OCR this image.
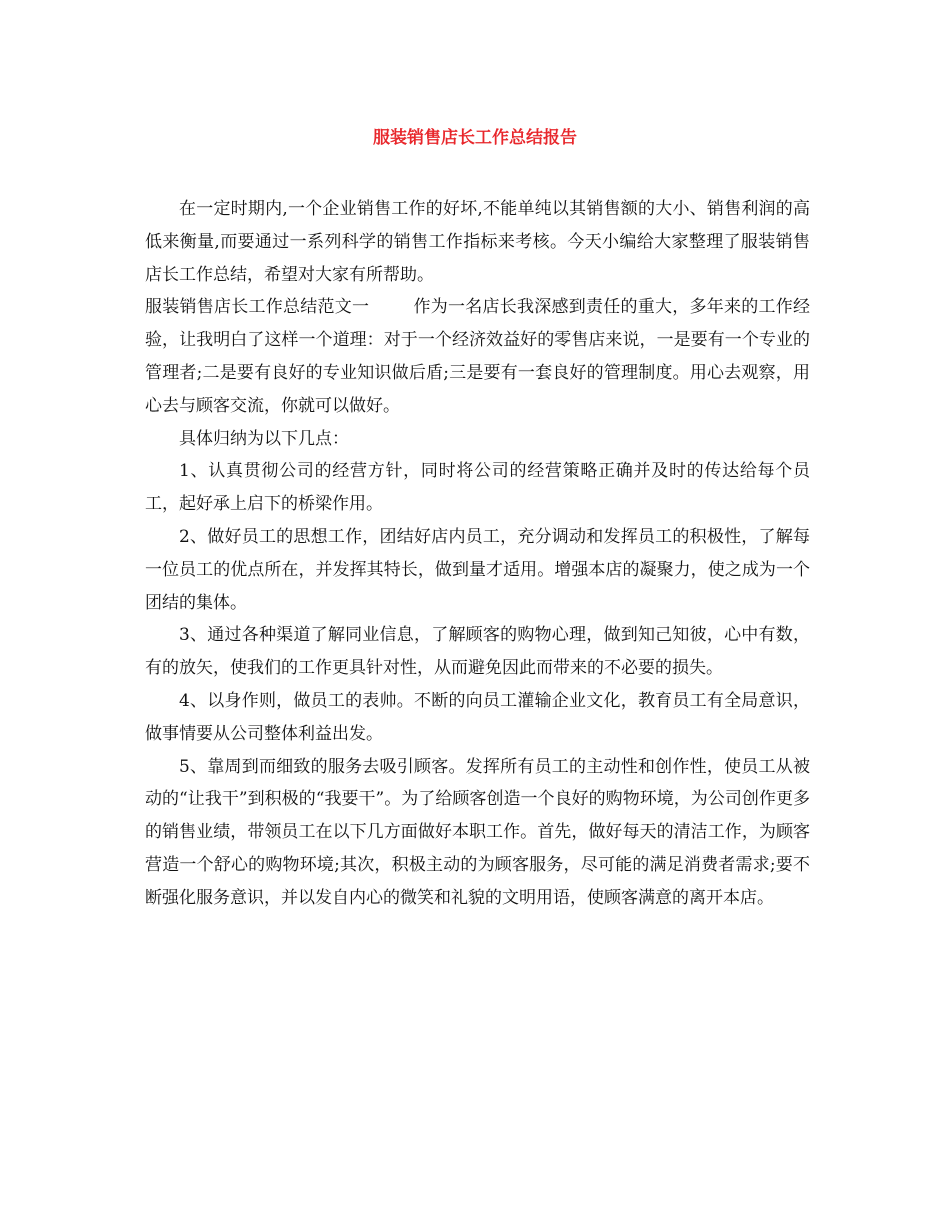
服装销售店长工作总结报告

在一定时期内,一个企业销售工作的好坏,不能单纯以其销售额的大小、销售利润的高低来衡量,而要通过一系列科学的销售工作指标来考核。今天小编给大家整理了服装销售店长工作总结，希望对大家有所帮助。

服装销售店长工作总结范文一	作为一名店长我深感到责任的重大，多年来的工作经验，让我明白了这样一个道理：对于一个经济效益好的零售店来说，一是要有一个专业的管理者;二是要有良好的专业知识做后盾;三是要有一套良好的管理制度。用心去观察，用心去与顾客交流，你就可以做好。

具体归纳为以下几点：

1、认真贯彻公司的经营方针，同时将公司的经营策略正确并及时的传达给每个员工，起好承上启下的桥梁作用。

2、做好员工的思想工作，团结好店内员工，充分调动和发挥员工的积极性，了解每一位员工的优点所在，并发挥其特长，做到量才适用。增强本店的凝聚力，使之成为一个团结的集体。

3、通过各种渠道了解同业信息，了解顾客的购物心理，做到知己知彼，心中有数，有的放矢，使我们的工作更具针对性，从而避免因此而带来的不必要的损失。

4、以身作则，做员工的表帅。不断的向员工灌输企业文化，教育员工有全局意识，做事情要从公司整体利益出发。

5、靠周到而细致的服务去吸引顾客。发挥所有员工的主动性和创作性，使员工从被动的“让我干”到积极的“我要干”。为了给顾客创造一个良好的购物环境，为公司创作更多的销售业绩，带领员工在以下几方面做好本职工作。首先，做好每天的清洁工作，为顾客营造一个舒心的购物环境;其次，积极主动的为顾客服务，尽可能的满足消费者需求;要不断强化服务意识，并以发自内心的微笑和礼貌的文明用语，使顾客满意的离开本店。
